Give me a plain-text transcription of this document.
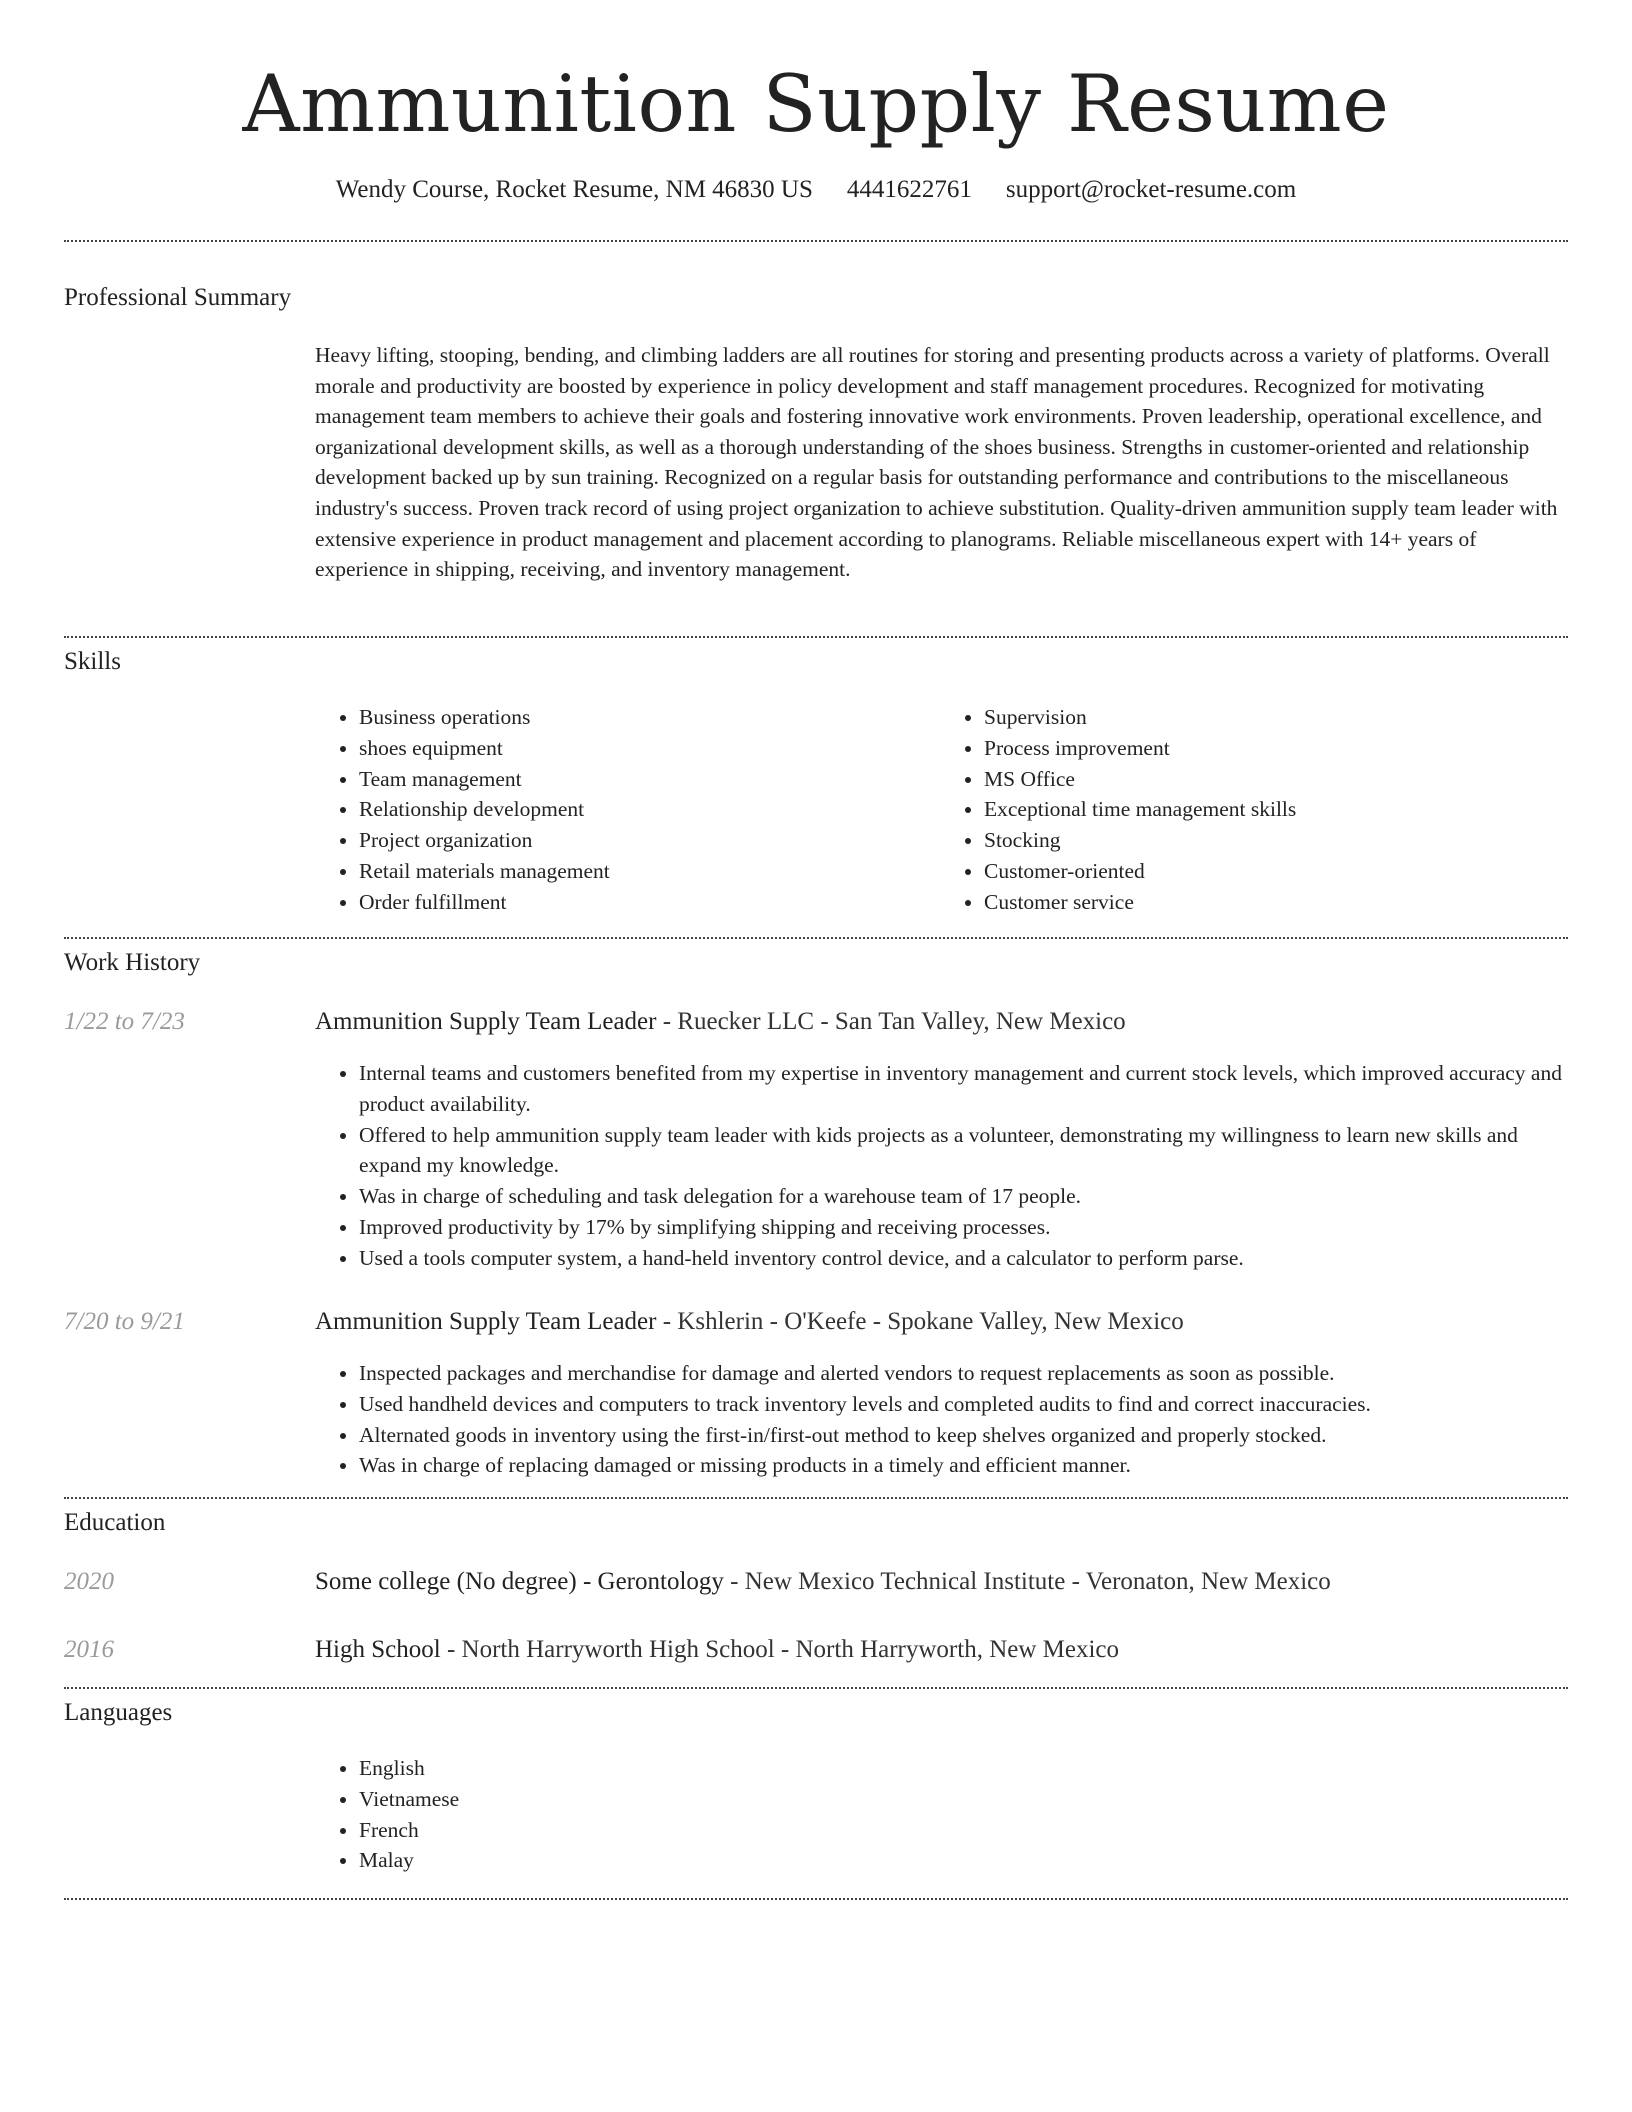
Ammunition Supply Resume
Wendy Course, Rocket Resume, NM 46830 US 4441622761 support@rocket-resume.com
Professional Summary

Heavy lifting, stooping, bending, and climbing ladders are all routines for storing and presenting products across a variety of platforms. Overall morale and productivity are boosted by experience in policy development and staff management procedures. Recognized for motivating management team members to achieve their goals and fostering innovative work environments. Proven leadership, operational excellence, and organizational development skills, as well as a thorough understanding of the shoes business. Strengths in customer-oriented and relationship development backed up by sun training. Recognized on a regular basis for outstanding performance and contributions to the miscellaneous industry's success. Proven track record of using project organization to achieve substitution. Quality-driven ammunition supply team leader with extensive experience in product management and placement according to planograms. Reliable miscellaneous expert with 14+ years of experience in shipping, receiving, and inventory management.

Skills
• Business operations
• shoes equipment
• Team management
• Relationship development
• Project organization
• Retail materials management
• Order fulfillment
• Supervision
• Process improvement
• MS Office
• Exceptional time management skills
• Stocking
• Customer-oriented
• Customer service
Work History
1/22 to 7/23	Ammunition Supply Team Leader - Ruecker LLC - San Tan Valley, New Mexico
• Internal teams and customers benefited from my expertise in inventory management and current stock levels, which improved accuracy and product availability.
• Offered to help ammunition supply team leader with kids projects as a volunteer, demonstrating my willingness to learn new skills and expand my knowledge.
• Was in charge of scheduling and task delegation for a warehouse team of 17 people.
• Improved productivity by 17% by simplifying shipping and receiving processes.
• Used a tools computer system, a hand-held inventory control device, and a calculator to perform parse.
7/20 to 9/21	Ammunition Supply Team Leader - Kshlerin - O'Keefe - Spokane Valley, New Mexico
• Inspected packages and merchandise for damage and alerted vendors to request replacements as soon as possible.
• Used handheld devices and computers to track inventory levels and completed audits to find and correct inaccuracies.
• Alternated goods in inventory using the first-in/first-out method to keep shelves organized and properly stocked.
• Was in charge of replacing damaged or missing products in a timely and efficient manner.
Education
2020	Some college (No degree) - Gerontology - New Mexico Technical Institute - Veronaton, New Mexico
2016	High School - North Harryworth High School - North Harryworth, New Mexico
Languages
• English
• Vietnamese
• French
• Malay
